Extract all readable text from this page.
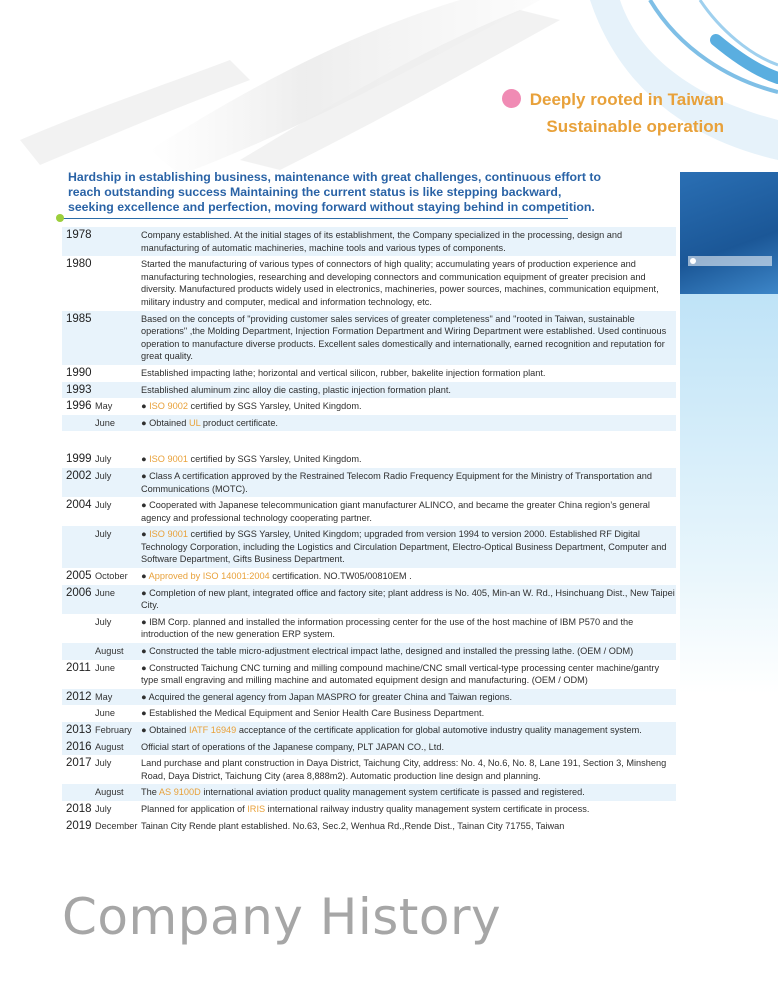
Deeply rooted in Taiwan
Sustainable operation
Hardship in establishing business, maintenance with great challenges, continuous effort to
reach outstanding success Maintaining the current status is like stepping backward,
seeking excellence and perfection, moving forward without staying behind in competition.
1978	Company established. At the initial stages of its establishment, the Company specialized in the processing, design and manufacturing of automatic machineries, machine tools and various types of components.
1980	Started the manufacturing of various types of connectors of high quality; accumulating years of production experience and manufacturing technologies, researching and developing connectors and communication equipment of greater precision and diversity. Manufactured products widely used in electronics, machineries, power sources, machines, communication equipment, military industry and computer, medical and information technology, etc.
1985	Based on the concepts of "providing customer sales services of greater completeness" and "rooted in Taiwan, sustainable operations" ,the Molding Department, Injection Formation Department and Wiring Department were established. Used continuous operation to manufacture diverse products. Excellent sales domestically and internationally, earned recognition and reputation for great quality.
1990	Established impacting lathe; horizontal and vertical silicon, rubber, bakelite injection formation plant.
1993	Established aluminum zinc alloy die casting, plastic injection formation plant.
1996 May	● ISO 9002 certified by SGS Yarsley, United Kingdom.
June	● Obtained UL product certificate.
1999 July	● ISO 9001 certified by SGS Yarsley, United Kingdom.
2002 July	● Class A certification approved by the Restrained Telecom Radio Frequency Equipment for the Ministry of Transportation and Communications (MOTC).
2004 July	● Cooperated with Japanese telecommunication giant manufacturer ALINCO, and became the greater China region’s general agency and professional technology cooperating partner.
July	● ISO 9001 certified by SGS Yarsley, United Kingdom; upgraded from version 1994 to version 2000. Established RF Digital Technology Corporation, including the Logistics and Circulation Department, Electro-Optical Business Department, Computer and Software Department, Gifts Business Department.
2005 October ● Approved by ISO 14001:2004 certification. NO.TW05/00810EM .
2006 June	● Completion of new plant, integrated office and factory site; plant address is No. 405, Min-an W. Rd., Hsinchuang Dist., New Taipei City.
July	● IBM Corp. planned and installed the information processing center for the use of the host machine of IBM P570 and the introduction of the new generation ERP system.
August ● Constructed the table micro-adjustment electrical impact lathe, designed and installed the pressing lathe. (OEM / ODM)
2011 June	● Constructed Taichung CNC turning and milling compound machine/CNC small vertical-type processing center machine/gantry type small engraving and milling machine and automated equipment design and manufacturing. (OEM / ODM)
2012 May	● Acquired the general agency from Japan MASPRO for greater China and Taiwan regions.
June	● Established the Medical Equipment and Senior Health Care Business Department.
2013 February ● Obtained IATF 16949 acceptance of the certificate application for global automotive industry quality management system.
2016 August Official start of operations of the Japanese company, PLT JAPAN CO., Ltd.
2017 July	Land purchase and plant construction in Daya District, Taichung City, address: No. 4, No.6, No. 8, Lane 191, Section 3, Minsheng Road, Daya District, Taichung City (area 8,888m2). Automatic production line design and planning.
August The AS 9100D international aviation product quality management system certificate is passed and registered.
2018 July	Planned for application of IRIS international railway industry quality management system certificate in process.
2019 December Tainan City Rende plant established. No.63, Sec.2, Wenhua Rd.,Rende Dist., Tainan City 71755, Taiwan
Company History
